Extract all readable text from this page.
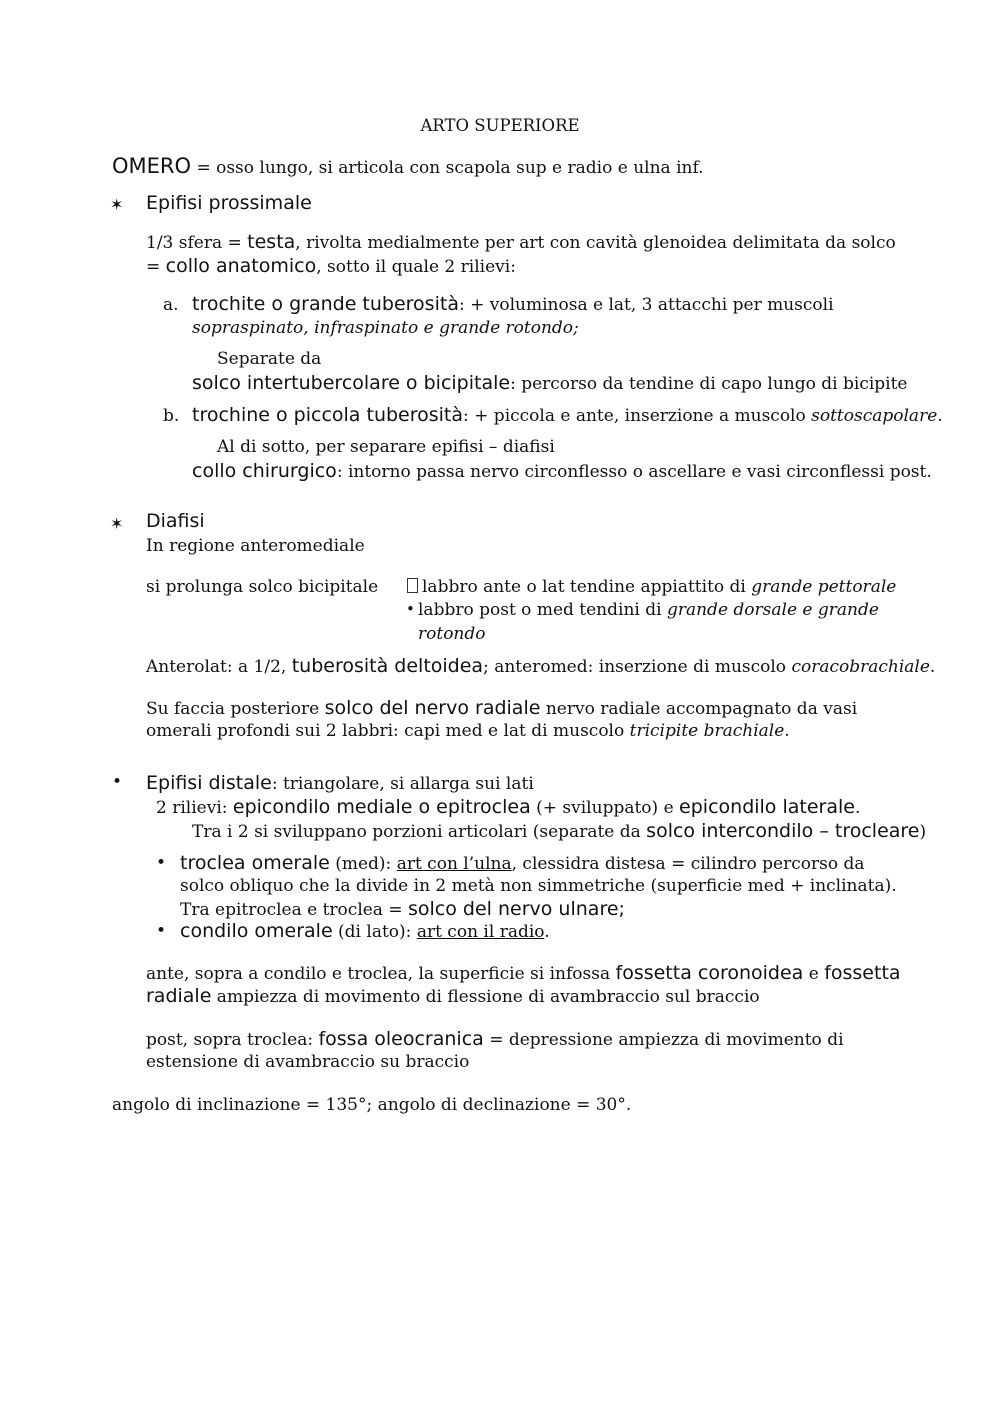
ARTO SUPERIORE
OMERO = osso lungo, si articola con scapola sup e radio e ulna inf.
✶ Epifisi prossimale
1/3 sfera = testa, rivolta medialmente per art con cavità glenoidea delimitata da solco
= collo anatomico, sotto il quale 2 rilievi:
a. trochite o grande tuberosità: + voluminosa e lat, 3 attacchi per muscoli
sopraspinato, infraspinato e grande rotondo;
Separate da
solco intertubercolare o bicipitale: percorso da tendine di capo lungo di bicipite
b. trochine o piccola tuberosità: + piccola e ante, inserzione a muscolo sottoscapolare.
Al di sotto, per separare epifisi – diafisi
collo chirurgico: intorno passa nervo circonflesso o ascellare e vasi circonflessi post.
✶ Diafisi
In regione anteromediale
si prolunga solco bicipitale	labbro ante o lat tendine appiattito di grande pettorale
• labbro post o med tendini di grande dorsale e grande
rotondo
Anterolat: a 1/2, tuberosità deltoidea; anteromed: inserzione di muscolo coracobrachiale.
Su faccia posteriore solco del nervo radiale nervo radiale accompagnato da vasi
omerali profondi sui 2 labbri: capi med e lat di muscolo tricipite brachiale.
• Epifisi distale: triangolare, si allarga sui lati
2 rilievi: epicondilo mediale o epitroclea (+ sviluppato) e epicondilo laterale.
Tra i 2 si sviluppano porzioni articolari (separate da solco intercondilo – trocleare)
• troclea omerale (med): art con l’ulna, clessidra distesa = cilindro percorso da
solco obliquo che la divide in 2 metà non simmetriche (superficie med + inclinata).
Tra epitroclea e troclea = solco del nervo ulnare;
• condilo omerale (di lato): art con il radio.
ante, sopra a condilo e troclea, la superficie si infossa fossetta coronoidea e fossetta
radiale ampiezza di movimento di flessione di avambraccio sul braccio
post, sopra troclea: fossa oleocranica = depressione ampiezza di movimento di
estensione di avambraccio su braccio
angolo di inclinazione = 135°; angolo di declinazione = 30°.
